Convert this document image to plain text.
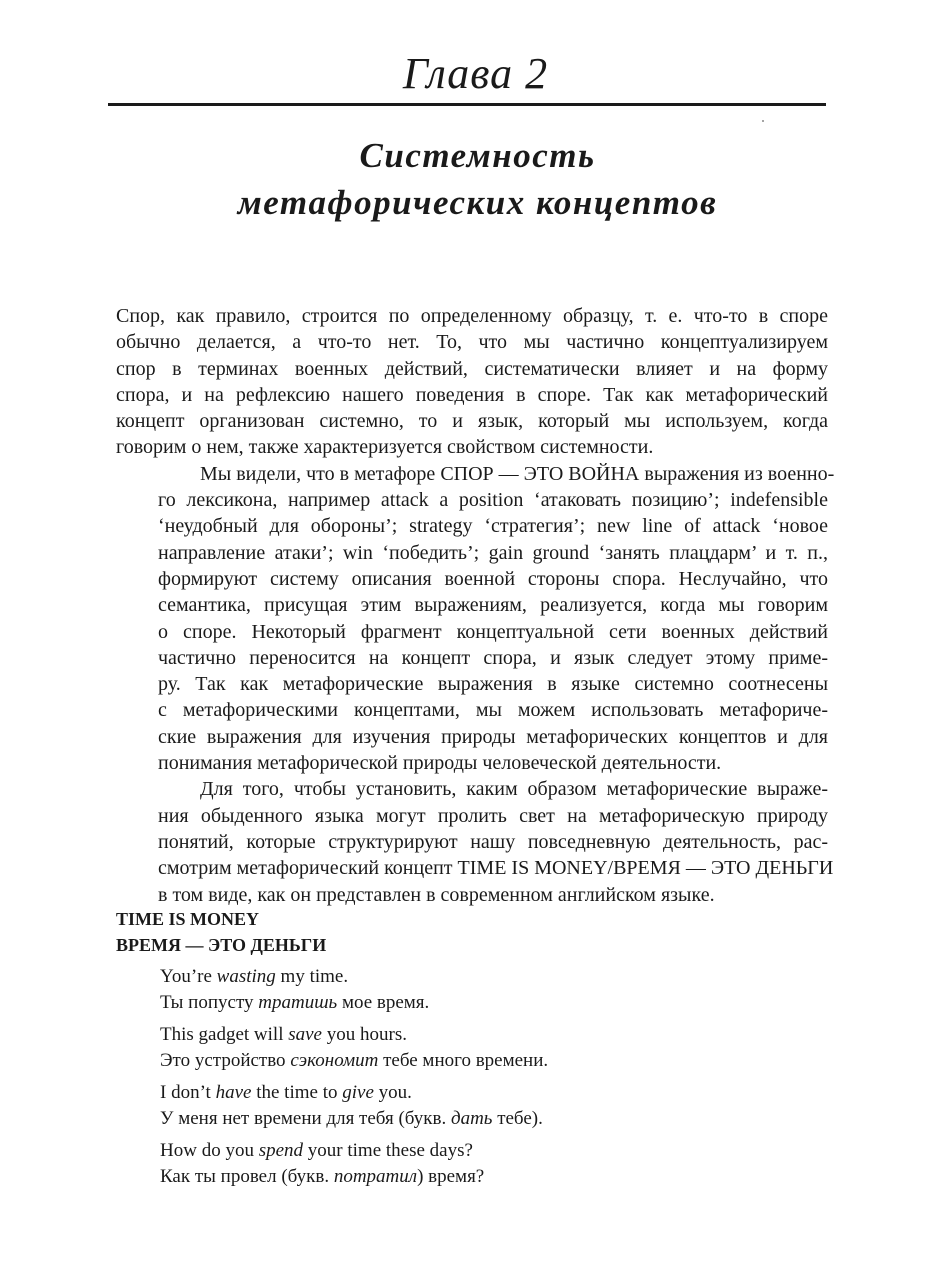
Глава 2
Системность
метафорических концептов
Спор, как правило, строится по определенному образцу, т. е. что-то в споре
обычно делается, а что-то нет. То, что мы частично концептуализируем
спор в терминах военных действий, систематически влияет и на форму
спора, и на рефлексию нашего поведения в споре. Так как метафорический
концепт организован системно, то и язык, который мы используем, когда
говорим о нем, также характеризуется свойством системности.
Мы видели, что в метафоре СПОР — ЭТО ВОЙНА выражения из военно-
го лексикона, например attack a position ‘атаковать позицию’; indefensible
‘неудобный для обороны’; strategy ‘стратегия’; new line of attack ‘новое
направление атаки’; win ‘победить’; gain ground ‘занять плацдарм’ и т. п.,
формируют систему описания военной стороны спора. Неслучайно, что
семантика, присущая этим выражениям, реализуется, когда мы говорим
о споре. Некоторый фрагмент концептуальной сети военных действий
частично переносится на концепт спора, и язык следует этому приме-
ру. Так как метафорические выражения в языке системно соотнесены
с метафорическими концептами, мы можем использовать метафориче-
ские выражения для изучения природы метафорических концептов и для
понимания метафорической природы человеческой деятельности.
Для того, чтобы установить, каким образом метафорические выраже-
ния обыденного языка могут пролить свет на метафорическую природу
понятий, которые структурируют нашу повседневную деятельность, рас-
смотрим метафорический концепт TIME IS MONEY/ВРЕМЯ — ЭТО ДЕНЬГИ
в том виде, как он представлен в современном английском языке.
TIME IS MONEY
ВРЕМЯ — ЭТО ДЕНЬГИ
You’re wasting my time.
Ты попусту тратишь мое время.
This gadget will save you hours.
Это устройство сэкономит тебе много времени.
I don’t have the time to give you.
У меня нет времени для тебя (букв. дать тебе).
How do you spend your time these days?
Как ты провел (букв. потратил) время?
